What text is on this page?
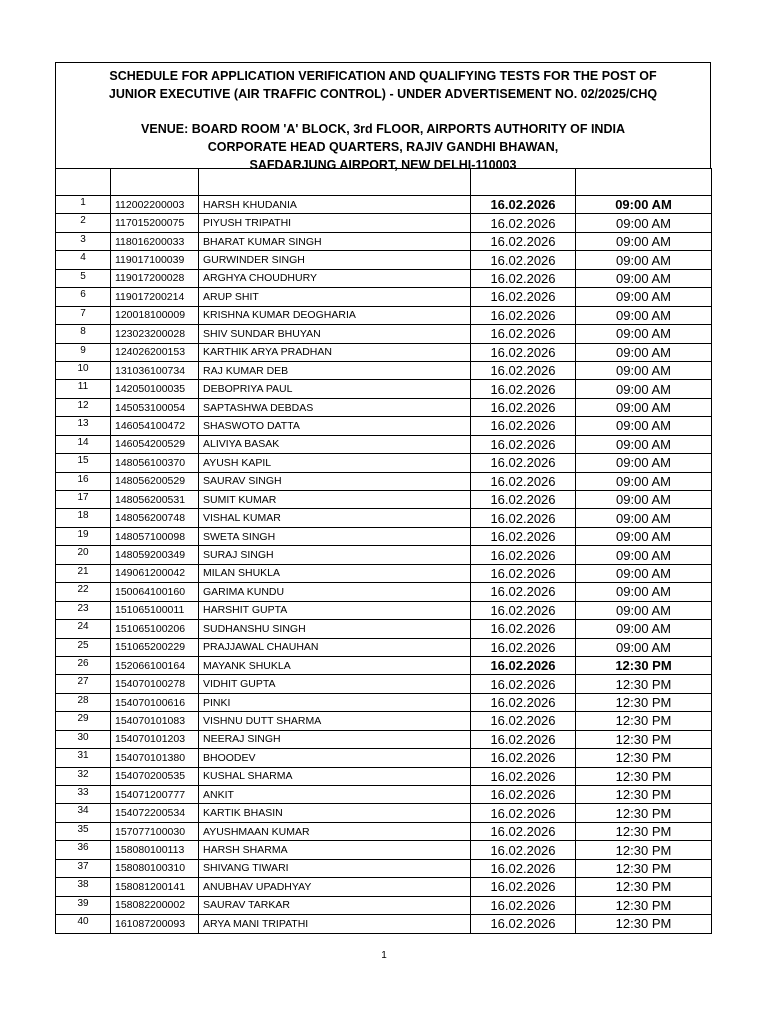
SCHEDULE FOR APPLICATION VERIFICATION AND QUALIFYING TESTS FOR THE POST OF
JUNIOR EXECUTIVE (AIR TRAFFIC CONTROL) - UNDER ADVERTISEMENT NO. 02/2025/CHQ
VENUE: BOARD ROOM 'A' BLOCK, 3rd FLOOR, AIRPORTS AUTHORITY OF INDIA
CORPORATE HEAD QUARTERS, RAJIV GANDHI BHAWAN,
SAFDARJUNG AIRPORT, NEW DELHI-110003

1	112002200003	HARSH KHUDANIA	16.02.2026	09:00 AM
2	117015200075	PIYUSH TRIPATHI	16.02.2026	09:00 AM
3	118016200033	BHARAT KUMAR SINGH	16.02.2026	09:00 AM
4	119017100039	GURWINDER SINGH	16.02.2026	09:00 AM
5	119017200028	ARGHYA CHOUDHURY	16.02.2026	09:00 AM
6	119017200214	ARUP SHIT	16.02.2026	09:00 AM
7	120018100009	KRISHNA KUMAR DEOGHARIA	16.02.2026	09:00 AM
8	123023200028	SHIV SUNDAR BHUYAN	16.02.2026	09:00 AM
9	124026200153	KARTHIK ARYA PRADHAN	16.02.2026	09:00 AM
10	131036100734	RAJ KUMAR DEB	16.02.2026	09:00 AM
11	142050100035	DEBOPRIYA PAUL	16.02.2026	09:00 AM
12	145053100054	SAPTASHWA DEBDAS	16.02.2026	09:00 AM
13	146054100472	SHASWOTO DATTA	16.02.2026	09:00 AM
14	146054200529	ALIVIYA BASAK	16.02.2026	09:00 AM
15	148056100370	AYUSH KAPIL	16.02.2026	09:00 AM
16	148056200529	SAURAV SINGH	16.02.2026	09:00 AM
17	148056200531	SUMIT KUMAR	16.02.2026	09:00 AM
18	148056200748	VISHAL KUMAR	16.02.2026	09:00 AM
19	148057100098	SWETA SINGH	16.02.2026	09:00 AM
20	148059200349	SURAJ SINGH	16.02.2026	09:00 AM
21	149061200042	MILAN SHUKLA	16.02.2026	09:00 AM
22	150064100160	GARIMA KUNDU	16.02.2026	09:00 AM
23	151065100011	HARSHIT GUPTA	16.02.2026	09:00 AM
24	151065100206	SUDHANSHU SINGH	16.02.2026	09:00 AM
25	151065200229	PRAJJAWAL CHAUHAN	16.02.2026	09:00 AM
26	152066100164	MAYANK SHUKLA	16.02.2026	12:30 PM
27	154070100278	VIDHIT GUPTA	16.02.2026	12:30 PM
28	154070100616	PINKI	16.02.2026	12:30 PM
29	154070101083	VISHNU DUTT SHARMA	16.02.2026	12:30 PM
30	154070101203	NEERAJ SINGH	16.02.2026	12:30 PM
31	154070101380	BHOODEV	16.02.2026	12:30 PM
32	154070200535	KUSHAL SHARMA	16.02.2026	12:30 PM
33	154071200777	ANKIT	16.02.2026	12:30 PM
34	154072200534	KARTIK BHASIN	16.02.2026	12:30 PM
35	157077100030	AYUSHMAAN KUMAR	16.02.2026	12:30 PM
36	158080100113	HARSH SHARMA	16.02.2026	12:30 PM
37	158080100310	SHIVANG TIWARI	16.02.2026	12:30 PM
38	158081200141	ANUBHAV UPADHYAY	16.02.2026	12:30 PM
39	158082200002	SAURAV TARKAR	16.02.2026	12:30 PM
40	161087200093	ARYA MANI TRIPATHI	16.02.2026	12:30 PM
1
